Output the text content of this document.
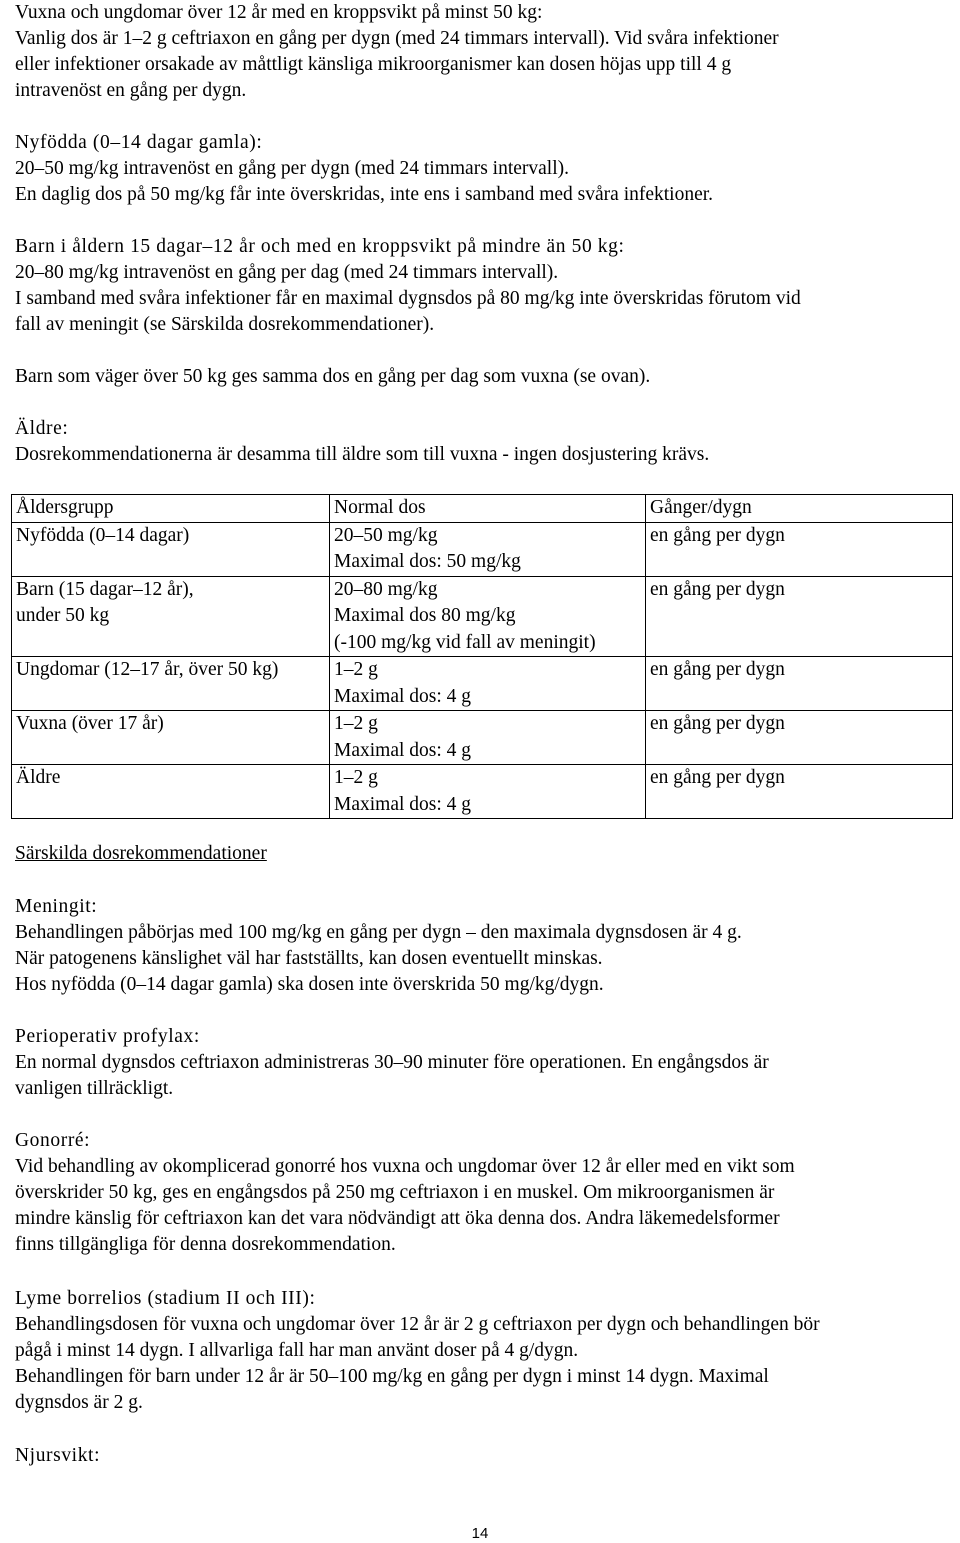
Vuxna och ungdomar över 12 år med en kroppsvikt på minst 50 kg:
Vanlig dos är 1–2 g ceftriaxon en gång per dygn (med 24 timmars intervall). Vid svåra infektioner
eller infektioner orsakade av måttligt känsliga mikroorganismer kan dosen höjas upp till 4 g
intravenöst en gång per dygn.
Nyfödda (0–14 dagar gamla):
20–50 mg/kg intravenöst en gång per dygn (med 24 timmars intervall).
En daglig dos på 50 mg/kg får inte överskridas, inte ens i samband med svåra infektioner.
Barn i åldern 15 dagar–12 år och med en kroppsvikt på mindre än 50 kg:
20–80 mg/kg intravenöst en gång per dag (med 24 timmars intervall).
I samband med svåra infektioner får en maximal dygnsdos på 80 mg/kg inte överskridas förutom vid
fall av meningit (se Särskilda dosrekommendationer).
Barn som väger över 50 kg ges samma dos en gång per dag som vuxna (se ovan).
Äldre:
Dosrekommendationerna är desamma till äldre som till vuxna - ingen dosjustering krävs.
Åldersgrupp	Normal dos	Gånger/dygn

Nyfödda (0–14 dagar)	20–50 mg/kg
Maximal dos: 50 mg/kg	en gång per dygn

Barn (15 dagar–12 år),
under 50 kg	20–80 mg/kg
Maximal dos 80 mg/kg
(-100 mg/kg vid fall av meningit)	en gång per dygn

Ungdomar (12–17 år, över 50 kg)	1–2 g
Maximal dos: 4 g	en gång per dygn

Vuxna (över 17 år)	1–2 g
Maximal dos: 4 g	en gång per dygn

Äldre	1–2 g
Maximal dos: 4 g	en gång per dygn
Särskilda dosrekommendationer
Meningit:
Behandlingen påbörjas med 100 mg/kg en gång per dygn – den maximala dygnsdosen är 4 g.
När patogenens känslighet väl har fastställts, kan dosen eventuellt minskas.
Hos nyfödda (0–14 dagar gamla) ska dosen inte överskrida 50 mg/kg/dygn.
Perioperativ profylax:
En normal dygnsdos ceftriaxon administreras 30–90 minuter före operationen. En engångsdos är
vanligen tillräckligt.
Gonorré:
Vid behandling av okomplicerad gonorré hos vuxna och ungdomar över 12 år eller med en vikt som
överskrider 50 kg, ges en engångsdos på 250 mg ceftriaxon i en muskel. Om mikroorganismen är
mindre känslig för ceftriaxon kan det vara nödvändigt att öka denna dos. Andra läkemedelsformer
finns tillgängliga för denna dosrekommendation.
Lyme borrelios (stadium II och III):
Behandlingsdosen för vuxna och ungdomar över 12 år är 2 g ceftriaxon per dygn och behandlingen bör
pågå i minst 14 dygn. I allvarliga fall har man använt doser på 4 g/dygn.
Behandlingen för barn under 12 år är 50–100 mg/kg en gång per dygn i minst 14 dygn. Maximal
dygnsdos är 2 g.
Njursvikt:
14
